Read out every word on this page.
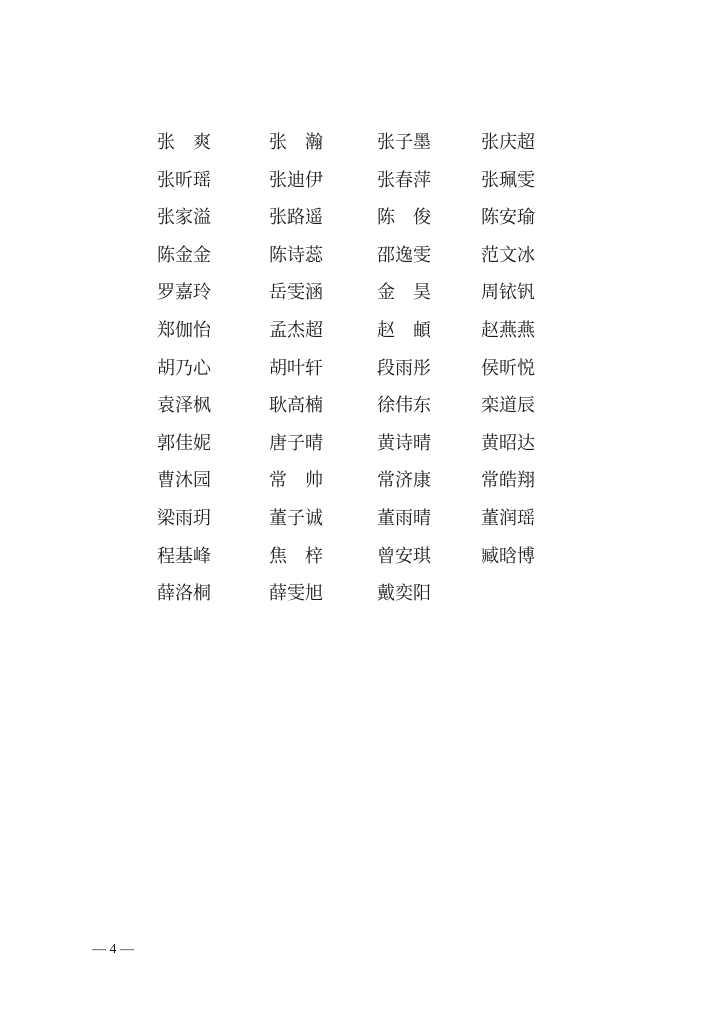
张　爽	张　瀚	张子墨	张庆超
张昕瑶	张迪伊	张春萍	张珮雯
张家溢	张路遥	陈　俊	陈安瑜
陈金金	陈诗蕊	邵逸雯	范文冰
罗嘉玲	岳雯涵	金　昊	周铱钒
郑伽怡	孟杰超	赵　頔	赵燕燕
胡乃心	胡叶轩	段雨彤	侯昕悦
袁泽枫	耿高楠	徐伟东	栾道辰
郭佳妮	唐子晴	黄诗晴	黄昭达
曹沐园	常　帅	常济康	常皓翔
梁雨玥	董子诚	董雨晴	董润瑶
程基峰	焦　梓	曾安琪	臧晗博
薛洛桐	薛雯旭	戴奕阳
— 4 —
